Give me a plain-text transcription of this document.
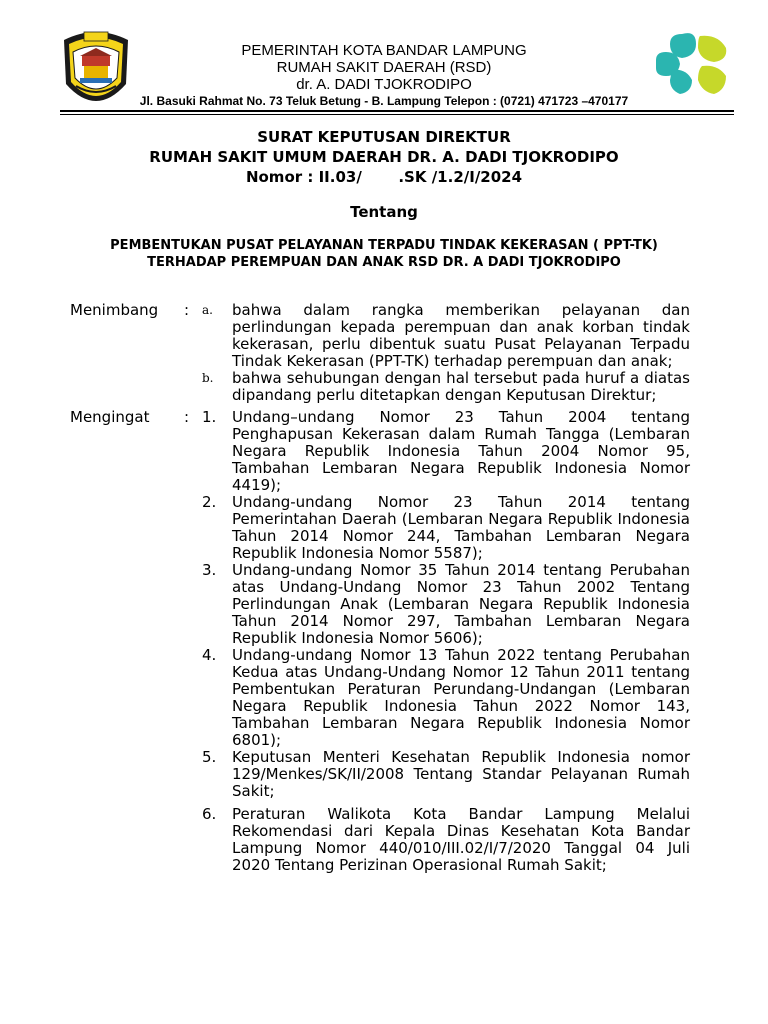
PEMERINTAH KOTA BANDAR LAMPUNG
RUMAH SAKIT DAERAH (RSD)
dr. A. DADI TJOKRODIPO
Jl. Basuki Rahmat No. 73 Teluk Betung - B. Lampung Telepon : (0721) 471723 –470177
SURAT KEPUTUSAN DIREKTUR
RUMAH SAKIT UMUM DAERAH DR. A. DADI TJOKRODIPO
Nomor : II.03/       .SK /1.2/I/2024
Tentang
PEMBENTUKAN PUSAT PELAYANAN TERPADU TINDAK KEKERASAN ( PPT-TK) TERHADAP PEREMPUAN DAN ANAK RSD DR. A DADI TJOKRODIPO
Menimbang : a.	bahwa dalam rangka memberikan pelayanan dan perlindungan kepada perempuan dan anak korban tindak kekerasan, perlu dibentuk suatu Pusat Pelayanan Terpadu Tindak Kekerasan (PPT-TK) terhadap perempuan dan anak;
b.	bahwa sehubungan dengan hal tersebut pada huruf a diatas dipandang perlu ditetapkan dengan Keputusan Direktur;
Mengingat : 1.	Undang–undang Nomor 23 Tahun 2004 tentang Penghapusan Kekerasan dalam Rumah Tangga (Lembaran Negara Republik Indonesia Tahun 2004 Nomor 95, Tambahan Lembaran Negara Republik Indonesia Nomor 4419);
2.	Undang-undang Nomor 23 Tahun 2014 tentang Pemerintahan Daerah (Lembaran Negara Republik Indonesia Tahun 2014 Nomor 244, Tambahan Lembaran Negara Republik Indonesia Nomor 5587);
3.	Undang-undang Nomor 35 Tahun 2014 tentang Perubahan atas Undang-Undang Nomor 23 Tahun 2002 Tentang Perlindungan Anak (Lembaran Negara Republik Indonesia Tahun 2014 Nomor 297, Tambahan Lembaran Negara Republik Indonesia Nomor 5606);
4.	Undang-undang Nomor 13 Tahun 2022 tentang Perubahan Kedua atas Undang-Undang Nomor 12 Tahun 2011 tentang Pembentukan Peraturan Perundang-Undangan (Lembaran Negara Republik Indonesia Tahun 2022 Nomor 143, Tambahan Lembaran Negara Republik Indonesia Nomor 6801);
5.	Keputusan Menteri Kesehatan Republik Indonesia nomor 129/Menkes/SK/II/2008 Tentang Standar Pelayanan Rumah Sakit;
6.	Peraturan Walikota Kota Bandar Lampung Melalui Rekomendasi dari Kepala Dinas Kesehatan Kota Bandar Lampung Nomor 440/010/III.02/I/7/2020 Tanggal 04 Juli 2020 Tentang Perizinan Operasional Rumah Sakit;
